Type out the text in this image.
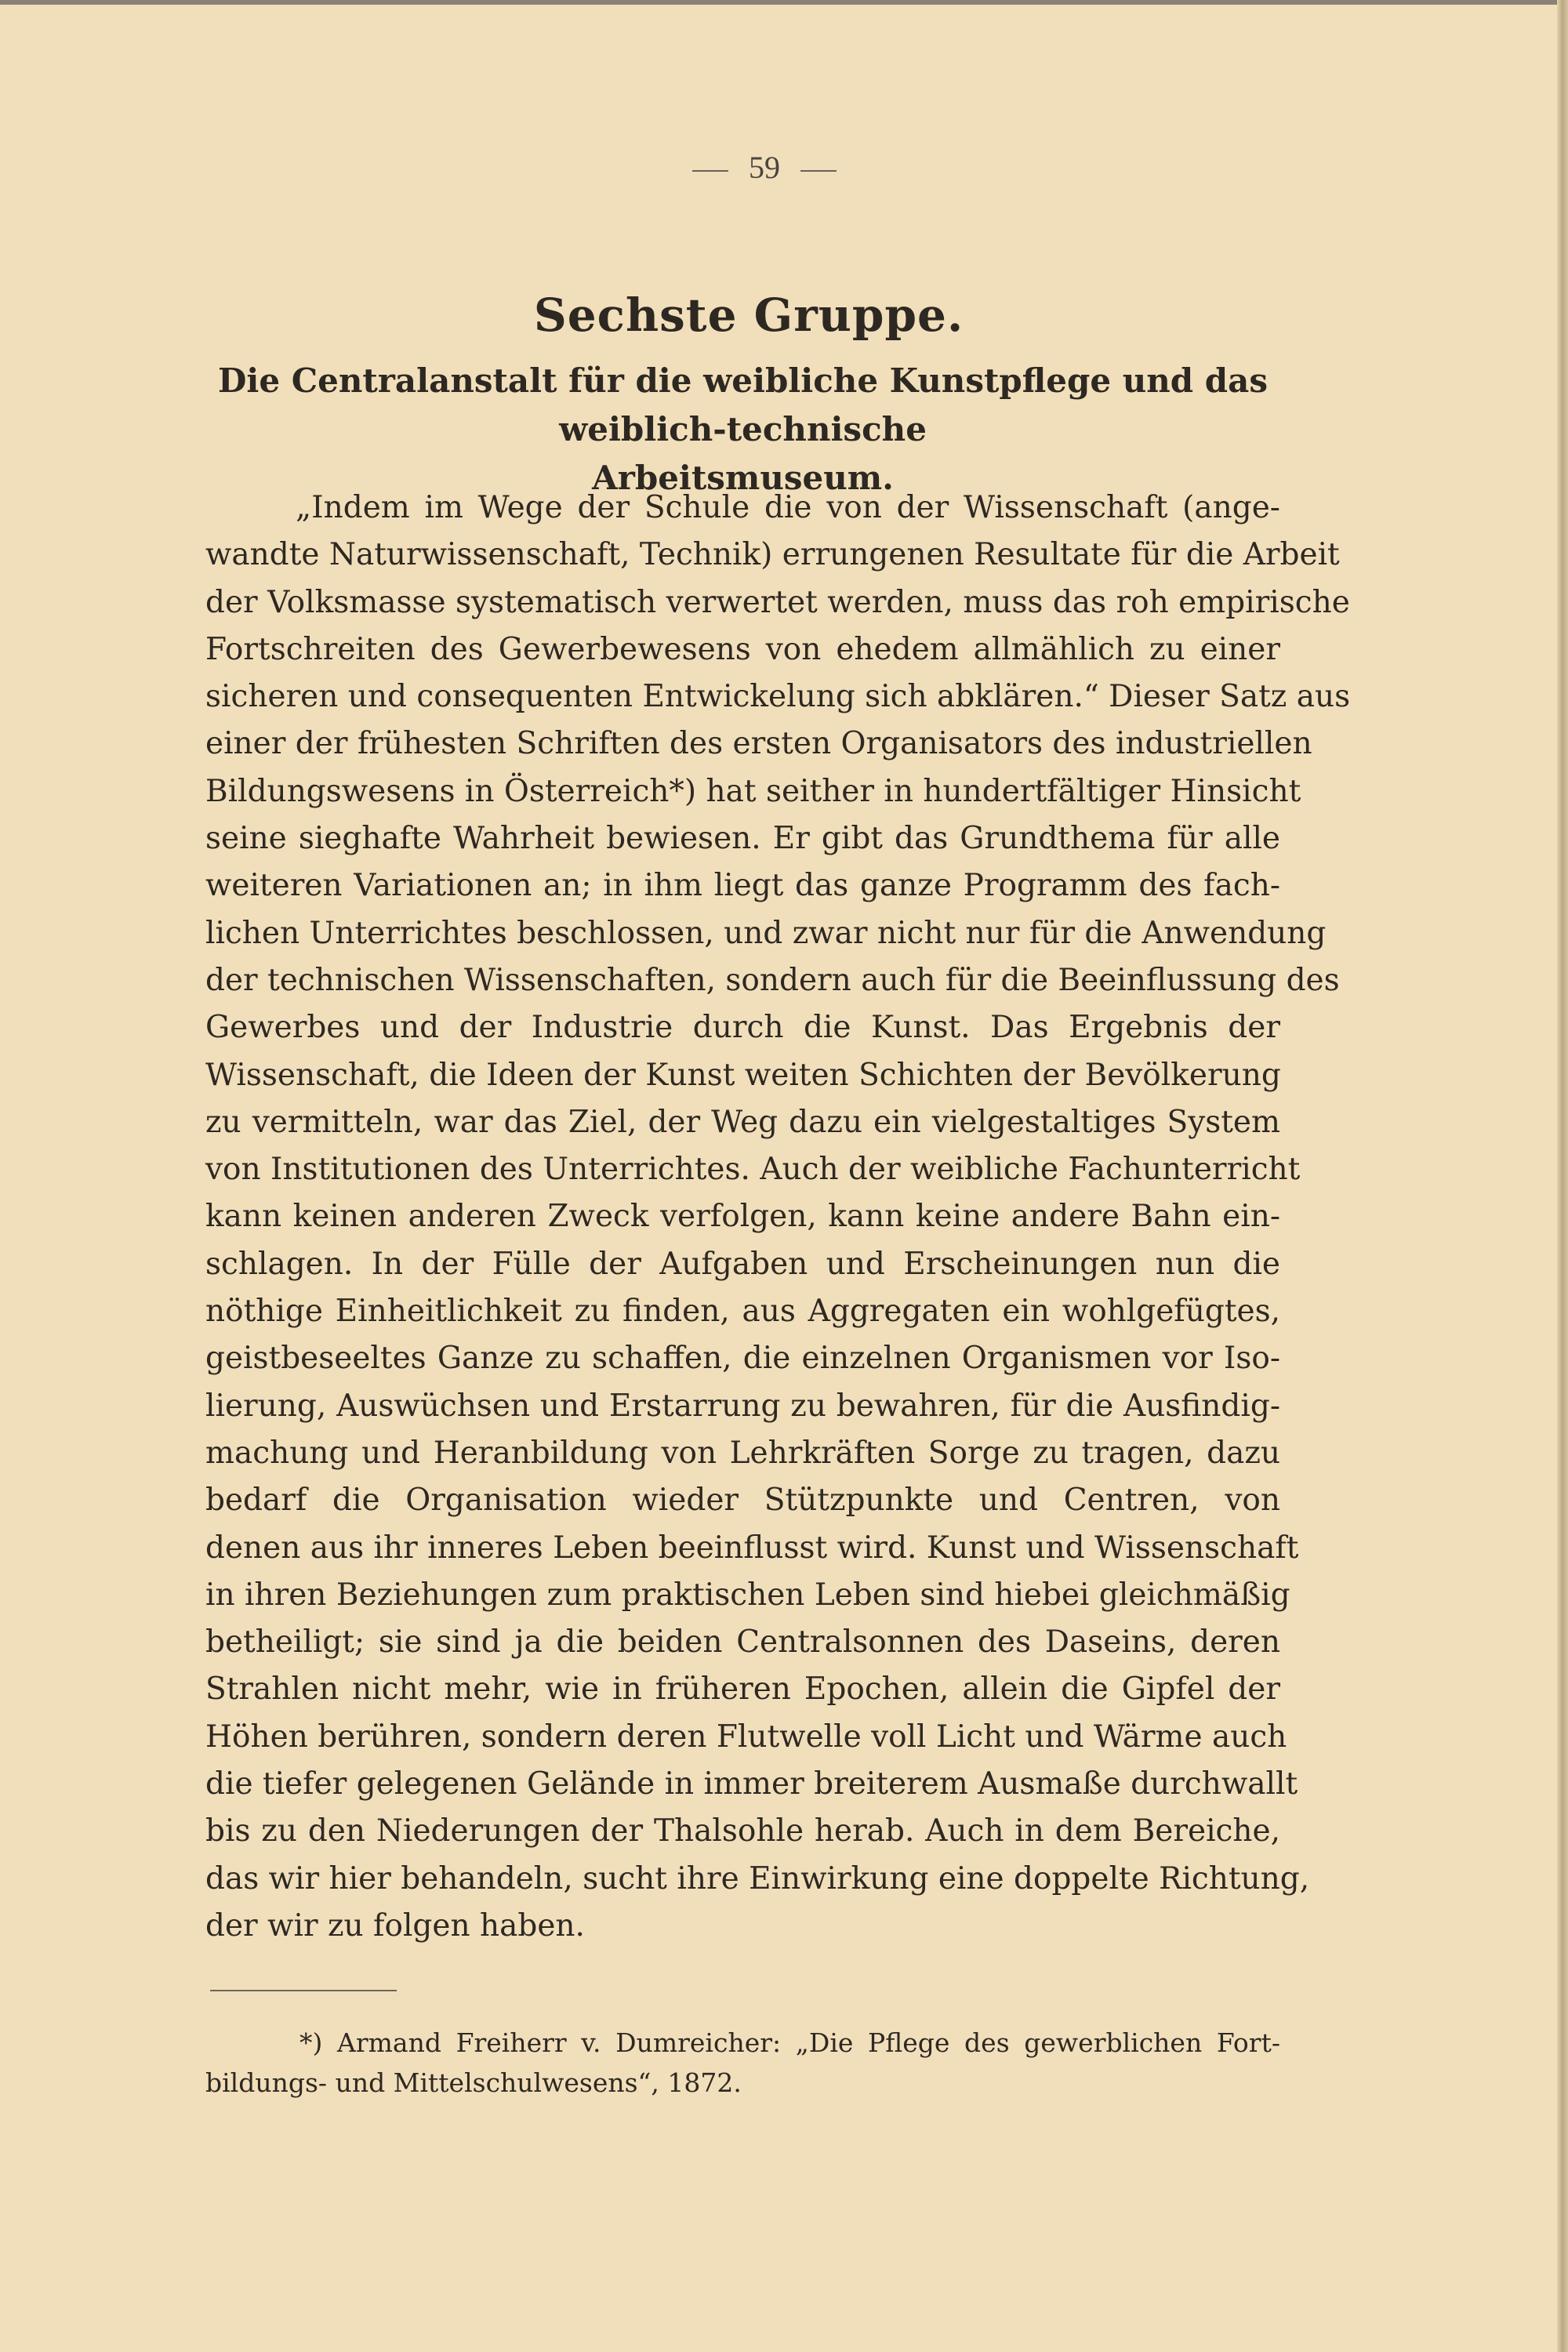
59
Sechste Gruppe.
Die Centralanstalt für die weibliche Kunstpflege und das weiblich-technische
Arbeitsmuseum.
„Indem im Wege der Schule die von der Wissenschaft (ange-
wandte Naturwissenschaft, Technik) errungenen Resultate für die Arbeit
der Volksmasse systematisch verwertet werden, muss das roh empirische
Fortschreiten des Gewerbewesens von ehedem allmählich zu einer
sicheren und consequenten Entwickelung sich abklären.“ Dieser Satz aus
einer der frühesten Schriften des ersten Organisators des industriellen
Bildungswesens in Österreich*) hat seither in hundertfältiger Hinsicht
seine sieghafte Wahrheit bewiesen. Er gibt das Grundthema für alle
weiteren Variationen an; in ihm liegt das ganze Programm des fach-
lichen Unterrichtes beschlossen, und zwar nicht nur für die Anwendung
der technischen Wissenschaften, sondern auch für die Beeinflussung des
Gewerbes und der Industrie durch die Kunst. Das Ergebnis der
Wissenschaft, die Ideen der Kunst weiten Schichten der Bevölkerung
zu vermitteln, war das Ziel, der Weg dazu ein vielgestaltiges System
von Institutionen des Unterrichtes. Auch der weibliche Fachunterricht
kann keinen anderen Zweck verfolgen, kann keine andere Bahn ein-
schlagen. In der Fülle der Aufgaben und Erscheinungen nun die
nöthige Einheitlichkeit zu finden, aus Aggregaten ein wohlgefügtes,
geistbeseeltes Ganze zu schaffen, die einzelnen Organismen vor Iso-
lierung, Auswüchsen und Erstarrung zu bewahren, für die Ausfindig-
machung und Heranbildung von Lehrkräften Sorge zu tragen, dazu
bedarf die Organisation wieder Stützpunkte und Centren, von
denen aus ihr inneres Leben beeinflusst wird. Kunst und Wissenschaft
in ihren Beziehungen zum praktischen Leben sind hiebei gleichmäßig
betheiligt; sie sind ja die beiden Centralsonnen des Daseins, deren
Strahlen nicht mehr, wie in früheren Epochen, allein die Gipfel der
Höhen berühren, sondern deren Flutwelle voll Licht und Wärme auch
die tiefer gelegenen Gelände in immer breiterem Ausmaße durchwallt
bis zu den Niederungen der Thalsohle herab. Auch in dem Bereiche,
das wir hier behandeln, sucht ihre Einwirkung eine doppelte Richtung,
der wir zu folgen haben.
*) Armand Freiherr v. Dumreicher: „Die Pflege des gewerblichen Fort-
bildungs- und Mittelschulwesens“, 1872.
